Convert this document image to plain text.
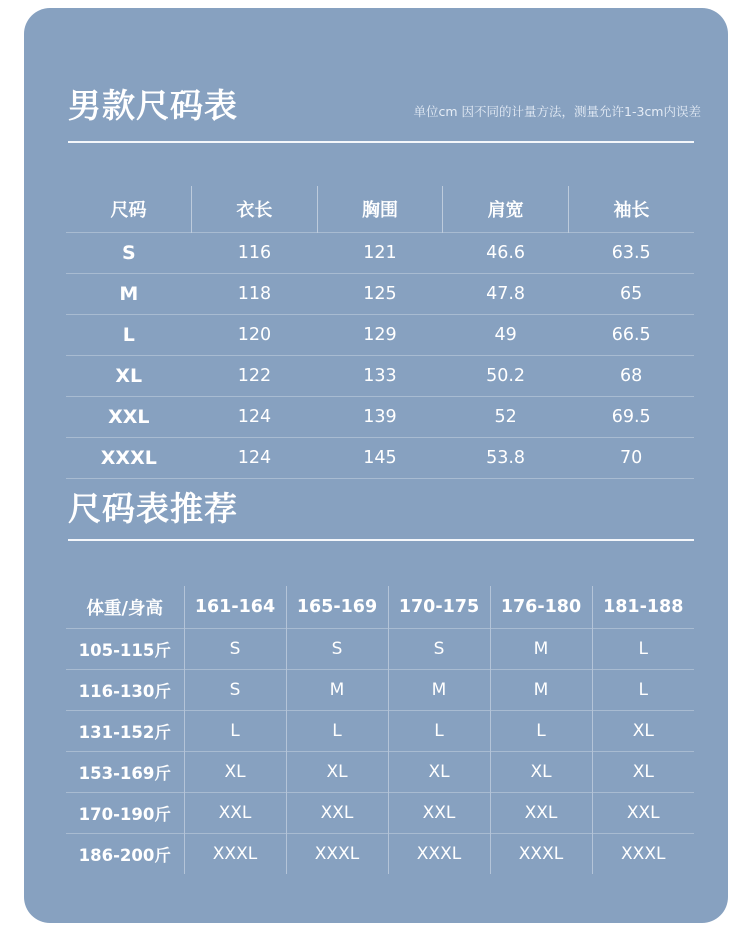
男款尺码表	单位cm 因不同的计量方法，测量允许1-3cm内误差
尺码	衣长	胸围	肩宽	袖长
S	116	121	46.6	63.5
M	118	125	47.8	65
L	120	129	49	66.5
XL	122	133	50.2	68
XXL	124	139	52	69.5
XXXL	124	145	53.8	70
尺码表推荐
体重/身高	161-164	165-169	170-175	176-180	181-188
105-115斤	S	S	S	M	L
116-130斤	S	M	M	M	L
131-152斤	L	L	L	L	XL
153-169斤	XL	XL	XL	XL	XL
170-190斤	XXL	XXL	XXL	XXL	XXL
186-200斤	XXXL	XXXL	XXXL	XXXL	XXXL
